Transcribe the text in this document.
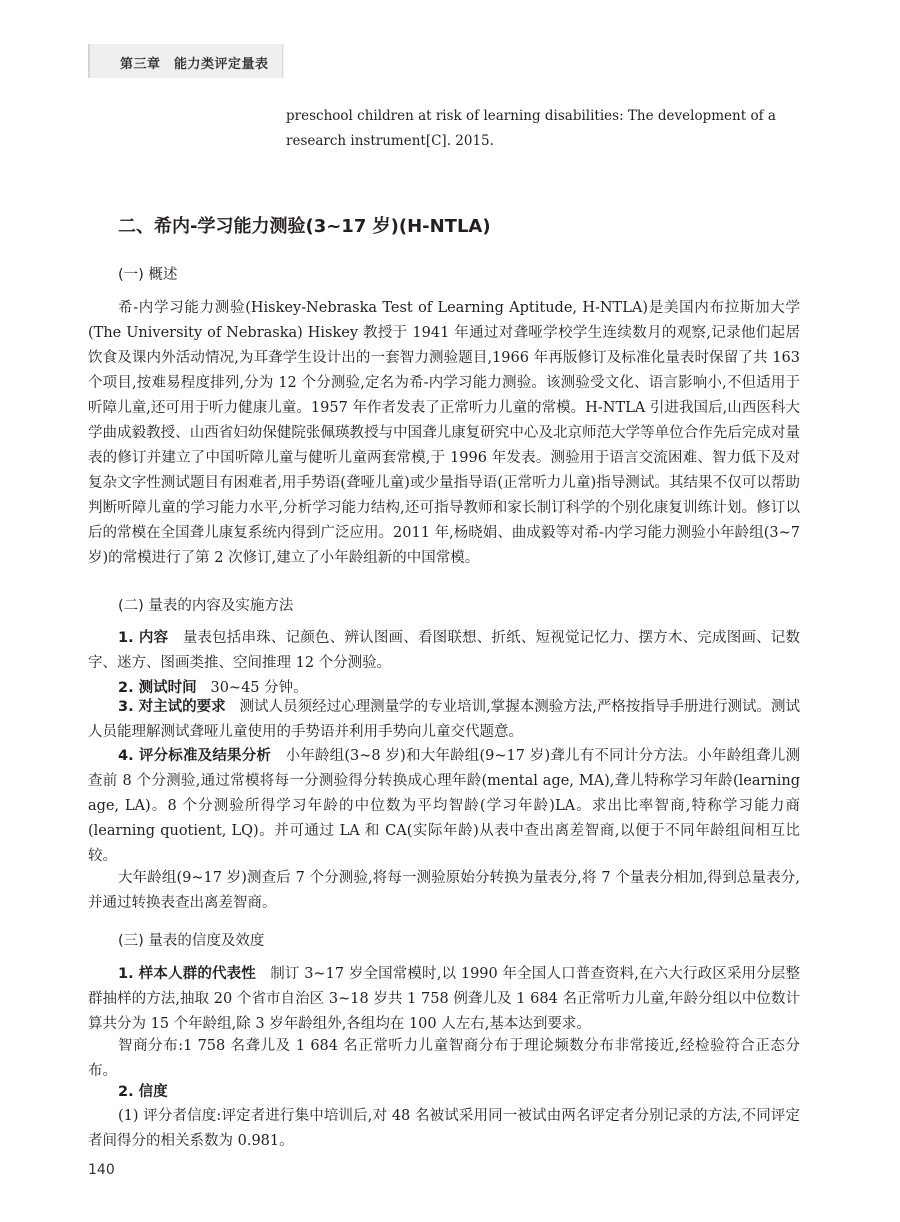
第三章　能力类评定量表
preschool children at risk of learning disabilities: The development of a research instrument[C]. 2015.
二、希内-学习能力测验(3~17 岁)(H-NTLA)
(一) 概述

希-内学习能力测验(Hiskey-Nebraska Test of Learning Aptitude, H-NTLA)是美国内布拉斯加大学(The University of Nebraska) Hiskey 教授于 1941 年通过对聋哑学校学生连续数月的观察,记录他们起居饮食及课内外活动情况,为耳聋学生设计出的一套智力测验题目,1966 年再版修订及标准化量表时保留了共 163 个项目,按难易程度排列,分为 12 个分测验,定名为希-内学习能力测验。该测验受文化、语言影响小,不但适用于听障儿童,还可用于听力健康儿童。1957 年作者发表了正常听力儿童的常模。H-NTLA 引进我国后,山西医科大学曲成毅教授、山西省妇幼保健院张佩瑛教授与中国聋儿康复研究中心及北京师范大学等单位合作先后完成对量表的修订并建立了中国听障儿童与健听儿童两套常模,于 1996 年发表。测验用于语言交流困难、智力低下及对复杂文字性测试题目有困难者,用手势语(聋哑儿童)或少量指导语(正常听力儿童)指导测试。其结果不仅可以帮助判断听障儿童的学习能力水平,分析学习能力结构,还可指导教师和家长制订科学的个别化康复训练计划。修订以后的常模在全国聋儿康复系统内得到广泛应用。2011 年,杨晓娟、曲成毅等对希-内学习能力测验小年龄组(3~7 岁)的常模进行了第 2 次修订,建立了小年龄组新的中国常模。

(二) 量表的内容及实施方法

1. 内容 量表包括串珠、记颜色、辨认图画、看图联想、折纸、短视觉记忆力、摆方木、完成图画、记数字、迷方、图画类推、空间推理 12 个分测验。

2. 测试时间 30~45 分钟。

3. 对主试的要求 测试人员须经过心理测量学的专业培训,掌握本测验方法,严格按指导手册进行测试。测试人员能理解测试聋哑儿童使用的手势语并利用手势向儿童交代题意。

4. 评分标准及结果分析 小年龄组(3~8 岁)和大年龄组(9~17 岁)聋儿有不同计分方法。小年龄组聋儿测查前 8 个分测验,通过常模将每一分测验得分转换成心理年龄(mental age, MA),聋儿特称学习年龄(learning age, LA)。8 个分测验所得学习年龄的中位数为平均智龄(学习年龄)LA。求出比率智商,特称学习能力商(learning quotient, LQ)。并可通过 LA 和 CA(实际年龄)从表中查出离差智商,以便于不同年龄组间相互比较。

大年龄组(9~17 岁)测查后 7 个分测验,将每一测验原始分转换为量表分,将 7 个量表分相加,得到总量表分,并通过转换表查出离差智商。

(三) 量表的信度及效度

1. 样本人群的代表性 制订 3~17 岁全国常模时,以 1990 年全国人口普查资料,在六大行政区采用分层整群抽样的方法,抽取 20 个省市自治区 3~18 岁共 1 758 例聋儿及 1 684 名正常听力儿童,年龄分组以中位数计算共分为 15 个年龄组,除 3 岁年龄组外,各组均在 100 人左右,基本达到要求。

智商分布:1 758 名聋儿及 1 684 名正常听力儿童智商分布于理论频数分布非常接近,经检验符合正态分布。

2. 信度

(1) 评分者信度:评定者进行集中培训后,对 48 名被试采用同一被试由两名评定者分别记录的方法,不同评定者间得分的相关系数为 0.981。

140
